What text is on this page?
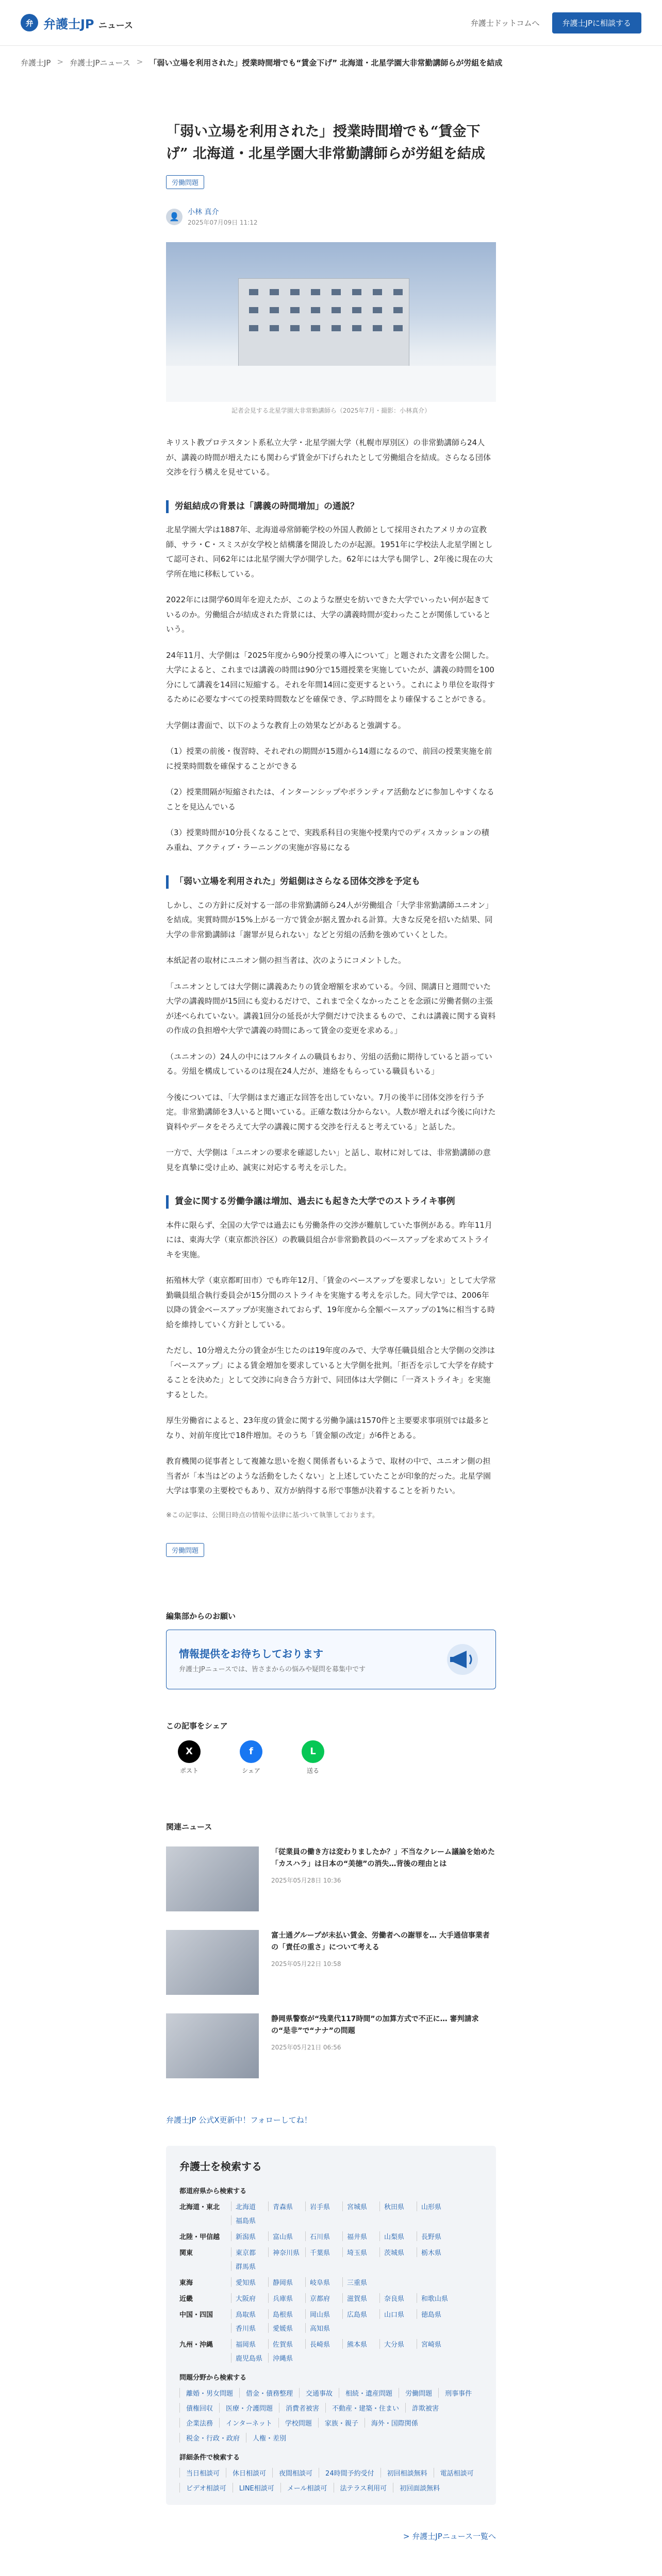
弁 弁護士JP ニュース	弁護士ドットコムへ	弁護士JPに相談する
弁護士JP > 弁護士JPニュース > 「弱い立場を利用された」授業時間増でも“賃金下げ” 北海道・北星学園大非常勤講師らが労組を結成
「弱い立場を利用された」授業時間増でも“賃金下げ” 北海道・北星学園大非常勤講師らが労組を結成
労働問題
👤	小林 真介
2025年07月09日 11:12
記者会見する北星学園大非常勤講師ら（2025年7月・撮影：小林真介）

キリスト教プロテスタント系私立大学・北星学園大学（札幌市厚別区）の非常勤講師ら24人が、講義の時間が増えたにも関わらず賃金が下げられたとして労働組合を結成。さらなる団体交渉を行う構えを見せている。

労組結成の背景は「講義の時間増加」の通説？

北星学園大学は1887年、北海道尋常師範学校の外国人教師として採用されたアメリカの宣教師、サラ・C・スミスが女学校と結構藩を開設したのが起源。1951年に学校法人北星学園として認可され、同62年には北星学園大学が開学した。62年には大学も開学し、2年後に現在の大学所在地に移転している。

2022年には開学60周年を迎えたが、このような歴史を紡いできた大学でいったい何が起きているのか。労働組合が結成された背景には、大学の講義時間が変わったことが関係しているという。

24年11月、大学側は「2025年度から90分授業の導入について」と題された文書を公開した。大学によると、これまでは講義の時間は90分で15週授業を実施していたが、講義の時間を100分にして講義を14回に短縮する。それを年間14回に変更するという。これにより単位を取得するために必要なすべての授業時間数などを確保でき、学ぶ時間をより確保することができる。

大学側は書面で、以下のような教育上の効果などがあると強調する。

（1）授業の前後・復習時、それぞれの期間が15週から14週になるので、前回の授業実施を前に授業時間数を確保することができる

（2）授業間隔が短縮されたは、インターンシップやボランティア活動などに参加しやすくなることを見込んでいる

（3）授業時間が10分長くなることで、実践系科目の実施や授業内でのディスカッションの積み重ね、アクティブ・ラーニングの実施が容易になる

「弱い立場を利用された」労組側はさらなる団体交渉を予定も

しかし、この方針に反対する一部の非常勤講師ら24人が労働組合「大学非常勤講師ユニオン」を結成。実質時間が15%上がる一方で賃金が据え置かれる計算。大きな反発を招いた結果、同大学の非常勤講師は「謝罪が見られない」などと労組の活動を強めていくとした。

本紙記者の取材にユニオン側の担当者は、次のようにコメントした。

「ユニオンとしては大学側に講義あたりの賃金増額を求めている。今回、開講日と週間でいた大学の講義時間が15回にも変わるだけで、これまで全くなかったことを念頭に労働者側の主張が述べられていない。講義1回分の延長が大学側だけで決まるもので、これは講義に関する資料の作成の負担増や大学で講義の時間にあって賃金の変更を求める。」

（ユニオンの）24人の中にはフルタイムの職員もおり、労組の活動に期待していると語っている。労組を構成しているのは現在24人だが、連絡をもらっている職員もいる」

今後については、「大学側はまだ適正な回答を出していない。7月の後半に団体交渉を行う予定。非常勤講師を3人いると聞いている。正確な数は分からない。人数が増えれば今後に向けた資料やデータをそろえて大学の講義に関する交渉を行えると考えている」と話した。

一方で、大学側は「ユニオンの要求を確認したい」と話し、取材に対しては、非常勤講師の意見を真摯に受け止め、誠実に対応する考えを示した。

賃金に関する労働争議は増加、過去にも起きた大学でのストライキ事例

本件に限らず、全国の大学では過去にも労働条件の交渉が難航していた事例がある。昨年11月には、東海大学（東京都渋谷区）の教職員組合が非常勤教員のベースアップを求めてストライキを実施。

拓殖林大学（東京都町田市）でも昨年12月、「賃金のベースアップを要求しない」として大学常勤職員組合執行委員会が15分間のストライキを実施する考えを示した。同大学では、2006年以降の賃金ベースアップが実施されておらず、19年度から全額ベースアップの1%に相当する時給を維持していく方針としている。

ただし、10分増えた分の賃金が生じたのは19年度のみで、大学専任職員組合と大学側の交渉は「ベースアップ」による賃金増加を要求していると大学側を批判。「拒否を示して大学を存続することを決めた」として交渉に向き合う方針で、同団体は大学側に「一斉ストライキ」を実施するとした。

厚生労働省によると、23年度の賃金に関する労働争議は1570件と主要要求事項別では最多となり、対前年度比で18件増加。そのうち「賃金額の改定」が6件とある。

教育機関の従事者として複雑な思いを抱く関係者もいるようで、取材の中で、ユニオン側の担当者が「本当はどのような活動をしたくない」と上述していたことが印象的だった。北星学園大学は事業の主要校でもあり、双方が納得する形で事態が決着することを祈りたい。

※この記事は、公開日時点の情報や法律に基づいて執筆しております。

労働問題
編集部からのお願い
情報提供をお待ちしております
弁護士JPニュースでは、皆さまからの悩みや疑問を募集中です
この記事をシェア
X
ポスト
f
シェア
L
送る
関連ニュース
「従業員の働き方は変わりましたか？」不当なクレーム議論を始めた「カスハラ」は日本の“美徳”の消失…背後の理由とは
2025年05月28日 10:36
富士通グループが未払い賃金、労働者への謝罪を… 大手通信事業者の「責任の重さ」について考える
2025年05月22日 10:58
静岡県警察が“残業代117時間”の加算方式で不正に… 審判請求の“是非”で“ナナ”の問題
2025年05月21日 06:56
弁護士JP 公式X更新中！フォローしてね！
弁護士を検索する
都道府県から検索する
北海道・東北	北海道	青森県	岩手県	宮城県	秋田県	山形県
福島県
北陸・甲信越	新潟県	富山県	石川県	福井県	山梨県	長野県
関東	東京都	神奈川県	千葉県	埼玉県	茨城県	栃木県
群馬県
東海	愛知県	静岡県	岐阜県	三重県
近畿	大阪府	兵庫県	京都府	滋賀県	奈良県	和歌山県
中国・四国	鳥取県	島根県	岡山県	広島県	山口県	徳島県
香川県	愛媛県	高知県
九州・沖縄	福岡県	佐賀県	長崎県	熊本県	大分県	宮崎県
鹿児島県	沖縄県
問題分野から検索する
離婚・男女問題	借金・債務整理	交通事故	相続・遺産問題	労働問題	刑事事件
債権回収	医療・介護問題	消費者被害	不動産・建築・住まい	詐欺被害
企業法務	インターネット	学校問題	家族・親子	海外・国際関係
税金・行政・政府	人権・差別
詳細条件で検索する
当日相談可	休日相談可	夜間相談可	24時間予約受付	初回相談無料	電話相談可
ビデオ相談可	LINE相談可	メール相談可	法テラス利用可	初回面談無料
> 弁護士JPニュース一覧へ
